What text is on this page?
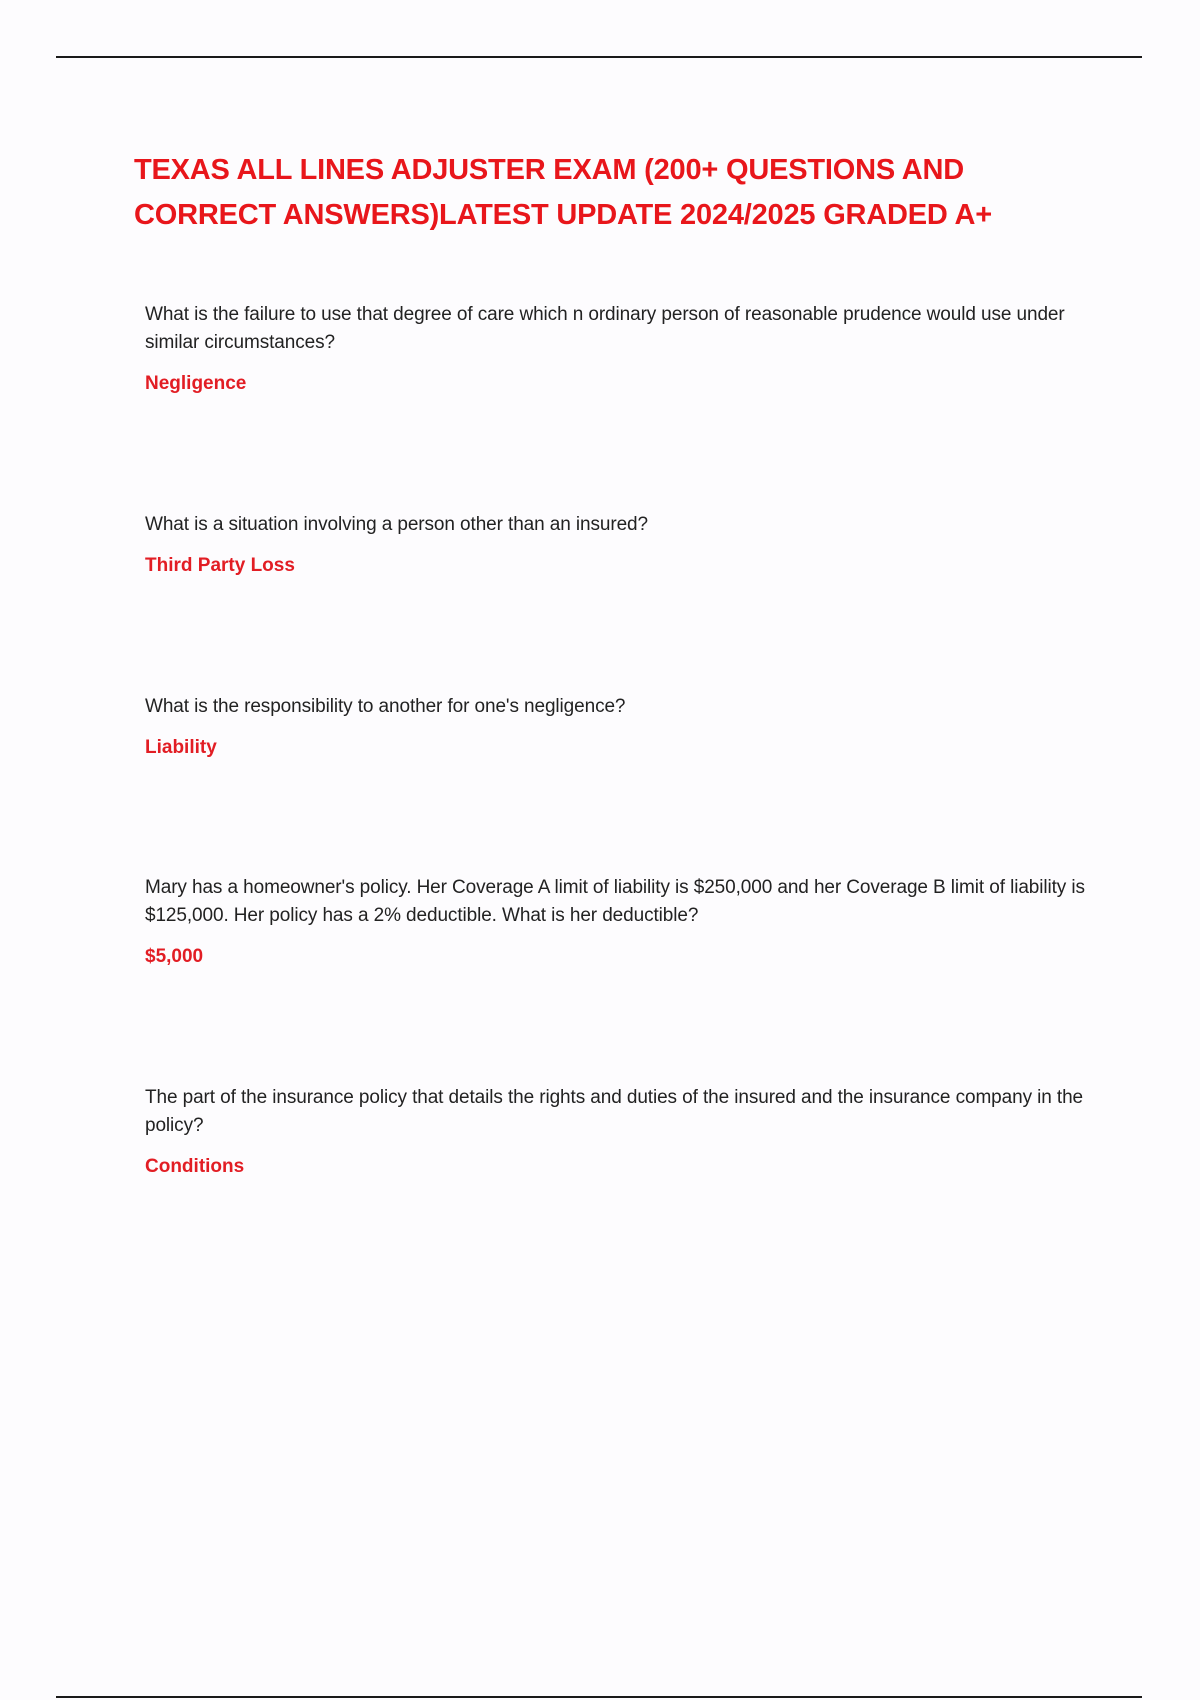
TEXAS ALL LINES ADJUSTER EXAM (200+ QUESTIONS AND CORRECT ANSWERS)LATEST UPDATE 2024/2025 GRADED A+

What is the failure to use that degree of care which n ordinary person of reasonable prudence would use under similar circumstances?

Negligence

What is a situation involving a person other than an insured?

Third Party Loss

What is the responsibility to another for one's negligence?

Liability

Mary has a homeowner's policy. Her Coverage A limit of liability is $250,000 and her Coverage B limit of liability is $125,000. Her policy has a 2% deductible. What is her deductible?

$5,000

The part of the insurance policy that details the rights and duties of the insured and the insurance company in the policy?

Conditions
